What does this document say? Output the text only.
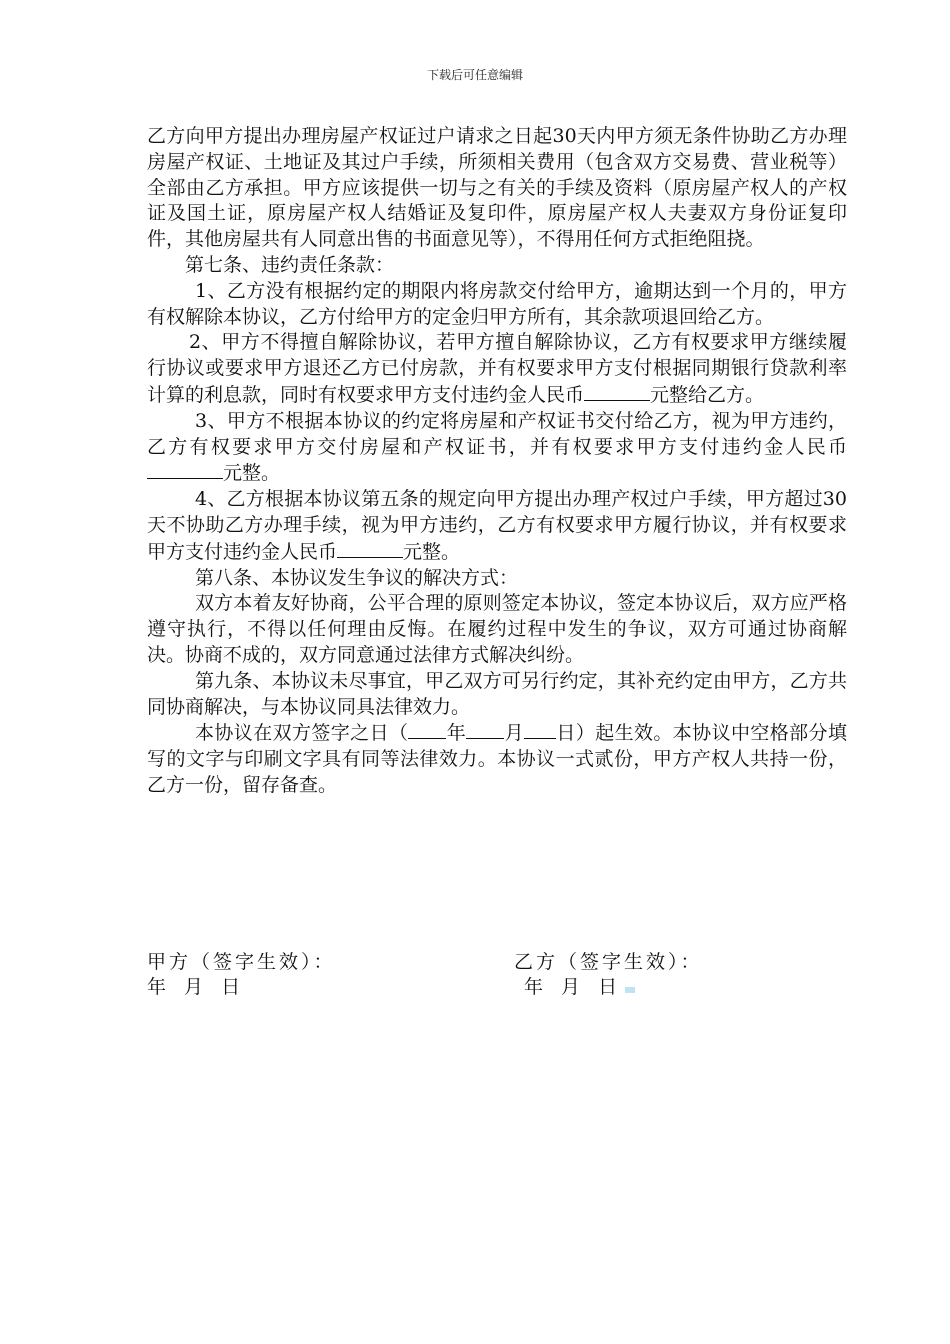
下载后可任意编辑

乙方向甲方提出办理房屋产权证过户请求之日起30天内甲方须无条件协助乙方办理房屋产权证、土地证及其过户手续，所须相关费用（包含双方交易费、营业税等）全部由乙方承担。甲方应该提供一切与之有关的手续及资料（原房屋产权人的产权证及国土证，原房屋产权人结婚证及复印件，原房屋产权人夫妻双方身份证复印件，其他房屋共有人同意出售的书面意见等），不得用任何方式拒绝阻挠。

第七条、违约责任条款：

1、乙方没有根据约定的期限内将房款交付给甲方，逾期达到一个月的，甲方有权解除本协议，乙方付给甲方的定金归甲方所有，其余款项退回给乙方。

2、甲方不得擅自解除协议，若甲方擅自解除协议，乙方有权要求甲方继续履行协议或要求甲方退还乙方已付房款，并有权要求甲方支付根据同期银行贷款利率计算的利息款，同时有权要求甲方支付违约金人民币	元整给乙方。

3、甲方不根据本协议的约定将房屋和产权证书交付给乙方，视为甲方违约，乙方有权要求甲方交付房屋和产权证书，并有权要求甲方支付违约金人民币元整。

4、乙方根据本协议第五条的规定向甲方提出办理产权过户手续，甲方超过30天不协助乙方办理手续，视为甲方违约，乙方有权要求甲方履行协议，并有权要求甲方支付违约金人民币	元整。

第八条、本协议发生争议的解决方式：

双方本着友好协商，公平合理的原则签定本协议，签定本协议后，双方应严格遵守执行，不得以任何理由反悔。在履约过程中发生的争议，双方可通过协商解决。协商不成的，双方同意通过法律方式解决纠纷。

第九条、本协议未尽事宜，甲乙双方可另行约定，其补充约定由甲方，乙方共同协商解决，与本协议同具法律效力。

本协议在双方签字之日（ 年 月 日）起生效。本协议中空格部分填写的文字与印刷文字具有同等法律效力。本协议一式贰份，甲方产权人共持一份，乙方一份，留存备查。

甲方（签字生效）：
年 月 日
乙方（签字生效）：
年 月 日
